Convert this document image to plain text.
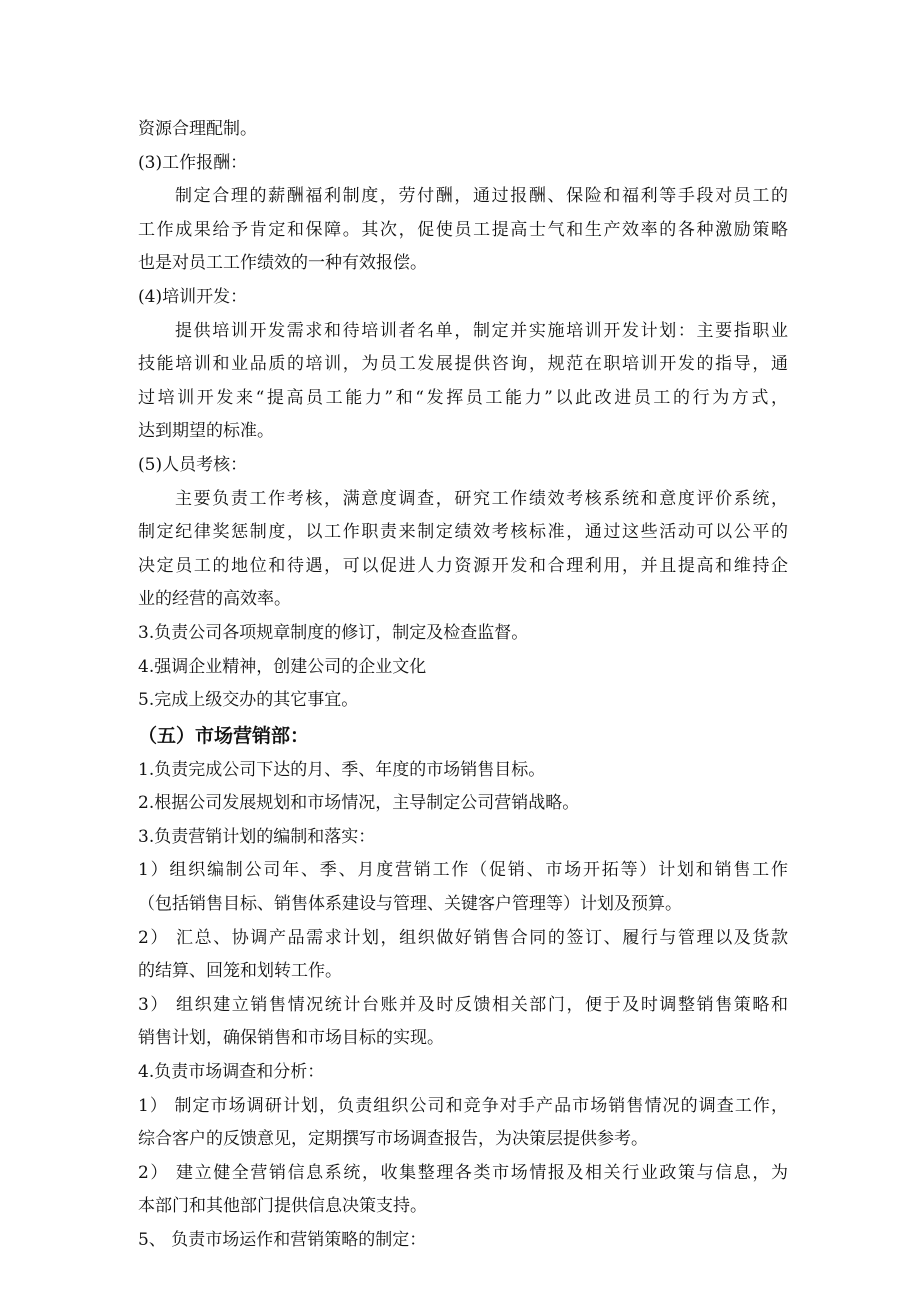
资源合理配制。
(3)工作报酬：
制定合理的薪酬福利制度，劳付酬，通过报酬、保险和福利等手段对员工的
工作成果给予肯定和保障。其次，促使员工提高士气和生产效率的各种激励策略
也是对员工工作绩效的一种有效报偿。
(4)培训开发：
提供培训开发需求和待培训者名单，制定并实施培训开发计划：主要指职业
技能培训和业品质的培训，为员工发展提供咨询，规范在职培训开发的指导，通
过培训开发来“提高员工能力”和“发挥员工能力”以此改进员工的行为方式，
达到期望的标准。
(5)人员考核：
主要负责工作考核，满意度调查，研究工作绩效考核系统和意度评价系统，
制定纪律奖惩制度，以工作职责来制定绩效考核标准，通过这些活动可以公平的
决定员工的地位和待遇，可以促进人力资源开发和合理利用，并且提高和维持企
业的经营的高效率。
3.负责公司各项规章制度的修订，制定及检查监督。
4.强调企业精神，创建公司的企业文化
5.完成上级交办的其它事宜。
（五）市场营销部：
1.负责完成公司下达的月、季、年度的市场销售目标。
2.根据公司发展规划和市场情况，主导制定公司营销战略。
3.负责营销计划的编制和落实：
1）组织编制公司年、季、月度营销工作（促销、市场开拓等）计划和销售工作
（包括销售目标、销售体系建设与管理、关键客户管理等）计划及预算。
2） 汇总、协调产品需求计划，组织做好销售合同的签订、履行与管理以及货款
的结算、回笼和划转工作。
3） 组织建立销售情况统计台账并及时反馈相关部门，便于及时调整销售策略和
销售计划，确保销售和市场目标的实现。
4.负责市场调查和分析：
1） 制定市场调研计划，负责组织公司和竞争对手产品市场销售情况的调查工作，
综合客户的反馈意见，定期撰写市场调查报告，为决策层提供参考。
2） 建立健全营销信息系统，收集整理各类市场情报及相关行业政策与信息，为
本部门和其他部门提供信息决策支持。
5、 负责市场运作和营销策略的制定：
